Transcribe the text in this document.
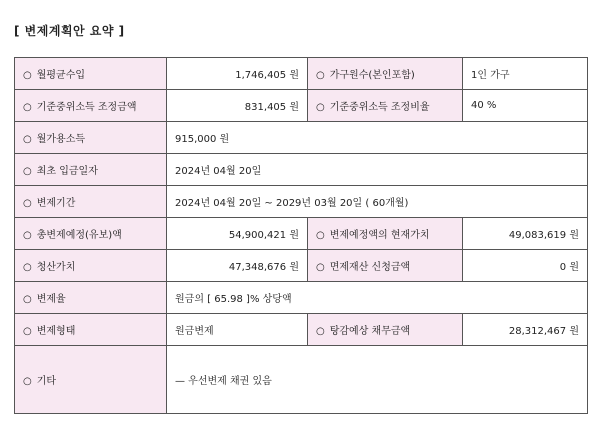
[ 변제계획안 요약 ]
○ 월평균수입	1,746,405 원	○ 가구원수(본인포함)	1인 가구
○ 기준중위소득 조정금액	831,405 원	○ 기준중위소득 조정비율	40 %
○ 월가용소득	915,000 원		
○ 최초 입금일자	2024년 04월 20일		
○ 변제기간	2024년 04월 20일 ~ 2029년 03월 20일 ( 60개월)		
○ 총변제예정(유보)액	54,900,421 원	○ 변제예정액의 현재가치	49,083,619 원
○ 청산가치	47,348,676 원	○ 면제재산 신청금액	0 원
○ 변제율	원금의 [ 65.98 ]% 상당액		
○ 변제형태	원금변제	○ 탕감예상 채무금액	28,312,467 원
○ 기타	— 우선변제 채권 있음		
